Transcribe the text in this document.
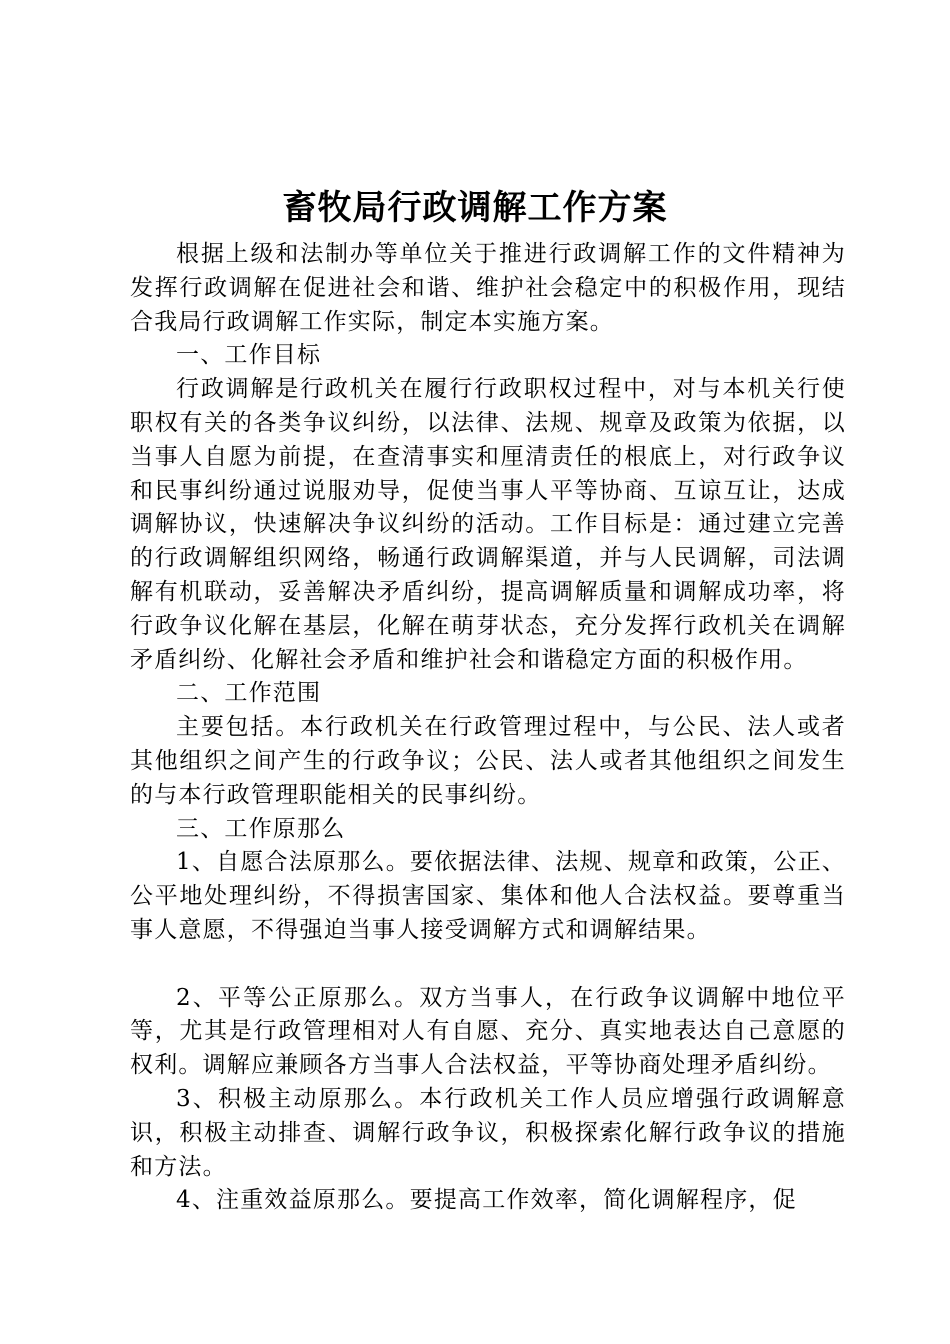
畜牧局行政调解工作方案

根据上级和法制办等单位关于推进行政调解工作的文件精神为发挥行政调解在促进社会和谐、维护社会稳定中的积极作用，现结合我局行政调解工作实际，制定本实施方案。

一、工作目标

行政调解是行政机关在履行行政职权过程中，对与本机关行使职权有关的各类争议纠纷，以法律、法规、规章及政策为依据，以当事人自愿为前提，在查清事实和厘清责任的根底上，对行政争议和民事纠纷通过说服劝导，促使当事人平等协商、互谅互让，达成调解协议，快速解决争议纠纷的活动。工作目标是：通过建立完善的行政调解组织网络，畅通行政调解渠道，并与人民调解，司法调解有机联动，妥善解决矛盾纠纷，提高调解质量和调解成功率，将行政争议化解在基层，化解在萌芽状态，充分发挥行政机关在调解矛盾纠纷、化解社会矛盾和维护社会和谐稳定方面的积极作用。

二、工作范围

主要包括。本行政机关在行政管理过程中，与公民、法人或者其他组织之间产生的行政争议；公民、法人或者其他组织之间发生的与本行政管理职能相关的民事纠纷。

三、工作原那么

1、自愿合法原那么。要依据法律、法规、规章和政策，公正、公平地处理纠纷，不得损害国家、集体和他人合法权益。要尊重当事人意愿，不得强迫当事人接受调解方式和调解结果。

2、平等公正原那么。双方当事人，在行政争议调解中地位平等，尤其是行政管理相对人有自愿、充分、真实地表达自己意愿的权利。调解应兼顾各方当事人合法权益，平等协商处理矛盾纠纷。

3、积极主动原那么。本行政机关工作人员应增强行政调解意识，积极主动排查、调解行政争议，积极探索化解行政争议的措施和方法。

4、注重效益原那么。要提高工作效率，简化调解程序，促
